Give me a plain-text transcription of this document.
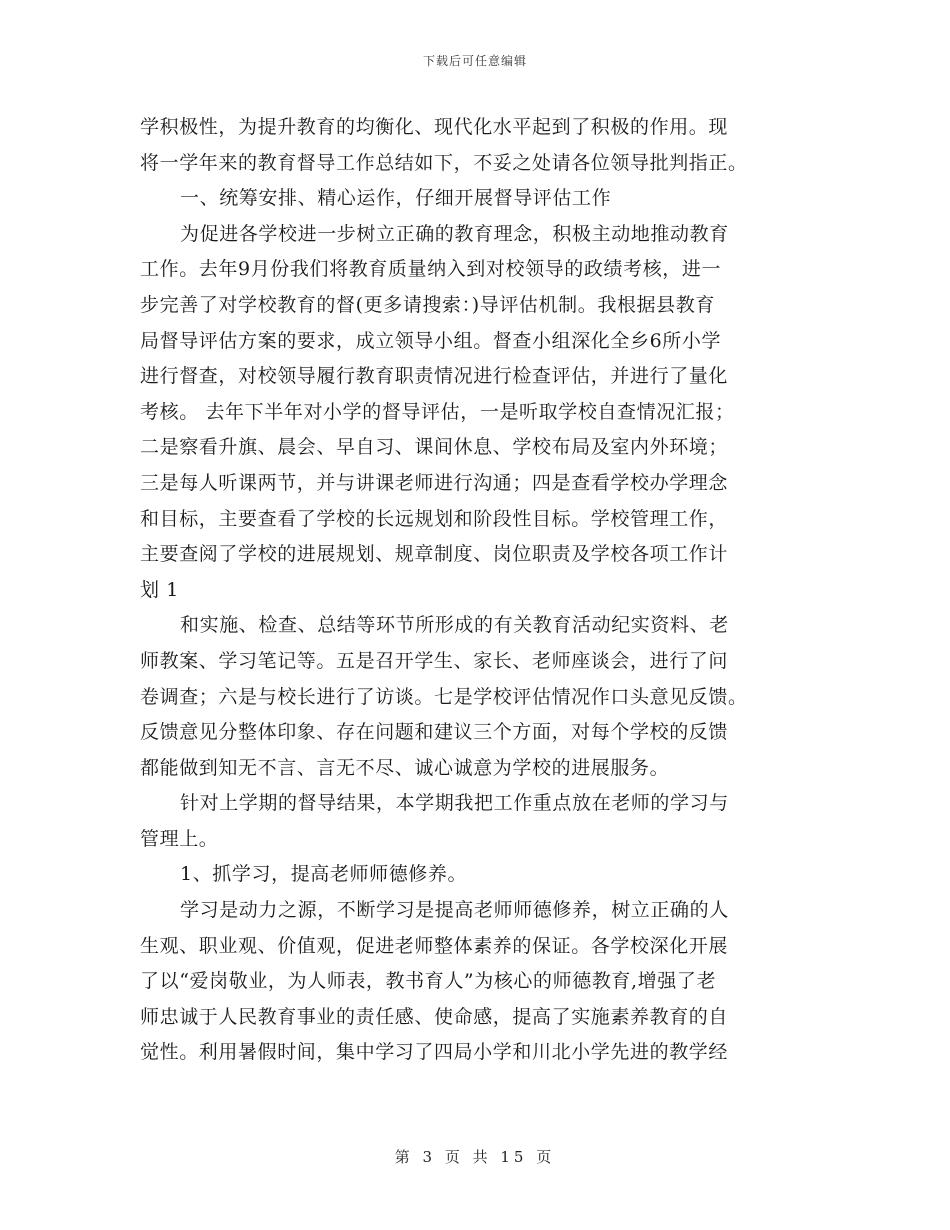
下载后可任意编辑
学积极性，为提升教育的均衡化、现代化水平起到了积极的作用。现
将一学年来的教育督导工作总结如下，不妥之处请各位领导批判指正。
一、统筹安排、精心运作，仔细开展督导评估工作
为促进各学校进一步树立正确的教育理念，积极主动地推动教育
工作。去年9月份我们将教育质量纳入到对校领导的政绩考核，进一
步完善了对学校教育的督(更多请搜索：)导评估机制。我根据县教育
局督导评估方案的要求，成立领导小组。督查小组深化全乡6所小学
进行督查，对校领导履行教育职责情况进行检查评估，并进行了量化
考核。 去年下半年对小学的督导评估，一是听取学校自查情况汇报；
二是察看升旗、晨会、早自习、课间休息、学校布局及室内外环境；
三是每人听课两节，并与讲课老师进行沟通；四是查看学校办学理念
和目标，主要查看了学校的长远规划和阶段性目标。学校管理工作，
主要查阅了学校的进展规划、规章制度、岗位职责及学校各项工作计
划 1
和实施、检查、总结等环节所形成的有关教育活动纪实资料、老
师教案、学习笔记等。五是召开学生、家长、老师座谈会，进行了问
卷调查；六是与校长进行了访谈。七是学校评估情况作口头意见反馈。
反馈意见分整体印象、存在问题和建议三个方面，对每个学校的反馈
都能做到知无不言、言无不尽、诚心诚意为学校的进展服务。
针对上学期的督导结果，本学期我把工作重点放在老师的学习与
管理上。
1、抓学习，提高老师师德修养。
学习是动力之源，不断学习是提高老师师德修养，树立正确的人
生观、职业观、价值观，促进老师整体素养的保证。各学校深化开展
了以“爱岗敬业，为人师表，教书育人”为核心的师德教育,增强了老
师忠诚于人民教育事业的责任感、使命感，提高了实施素养教育的自
觉性。利用暑假时间，集中学习了四局小学和川北小学先进的教学经
第 3 页 共 15 页
